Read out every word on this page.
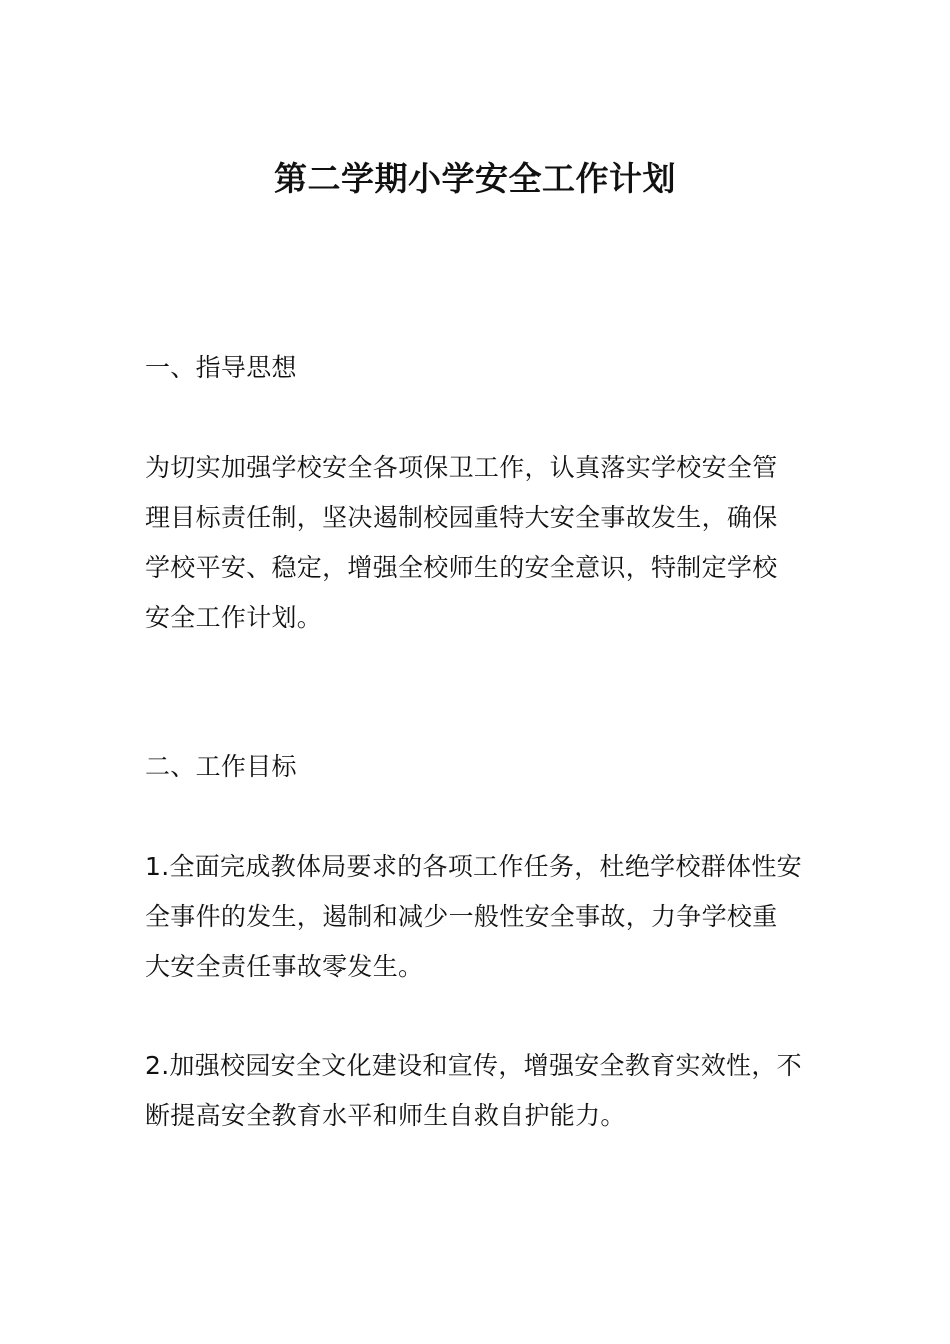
第二学期小学安全工作计划

一、指导思想

为切实加强学校安全各项保卫工作，认真落实学校安全管
理目标责任制，坚决遏制校园重特大安全事故发生，确保
学校平安、稳定，增强全校师生的安全意识，特制定学校
安全工作计划。

二、工作目标

1.全面完成教体局要求的各项工作任务，杜绝学校群体性安
全事件的发生，遏制和减少一般性安全事故，力争学校重
大安全责任事故零发生。

2.加强校园安全文化建设和宣传，增强安全教育实效性，不
断提高安全教育水平和师生自救自护能力。
